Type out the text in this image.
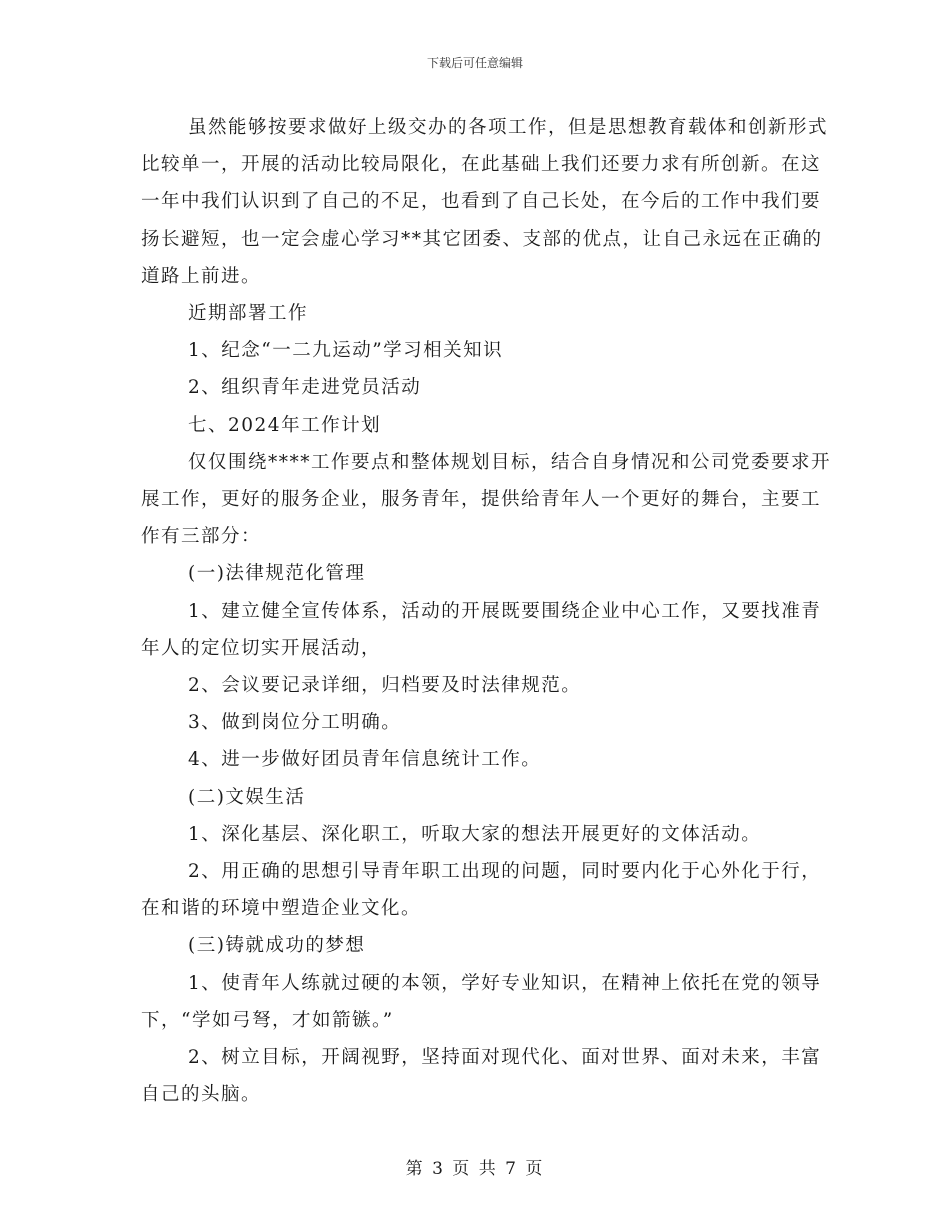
下载后可任意编辑

虽然能够按要求做好上级交办的各项工作，但是思想教育载体和创新形式比较单一，开展的活动比较局限化，在此基础上我们还要力求有所创新。在这一年中我们认识到了自己的不足，也看到了自己长处，在今后的工作中我们要扬长避短，也一定会虚心学习**其它团委、支部的优点，让自己永远在正确的道路上前进。

近期部署工作

1、纪念“一二九运动”学习相关知识

2、组织青年走进党员活动

七、2024年工作计划

仅仅围绕****工作要点和整体规划目标，结合自身情况和公司党委要求开展工作，更好的服务企业，服务青年，提供给青年人一个更好的舞台，主要工作有三部分：

(一)法律规范化管理

1、建立健全宣传体系，活动的开展既要围绕企业中心工作，又要找准青年人的定位切实开展活动，

2、会议要记录详细，归档要及时法律规范。

3、做到岗位分工明确。

4、进一步做好团员青年信息统计工作。

(二)文娱生活

1、深化基层、深化职工，听取大家的想法开展更好的文体活动。

2、用正确的思想引导青年职工出现的问题，同时要内化于心外化于行，在和谐的环境中塑造企业文化。

(三)铸就成功的梦想

1、使青年人练就过硬的本领，学好专业知识，在精神上依托在党的领导下，“学如弓弩，才如箭镞。”

2、树立目标，开阔视野，坚持面对现代化、面对世界、面对未来，丰富自己的头脑。

第 3 页 共 7 页
